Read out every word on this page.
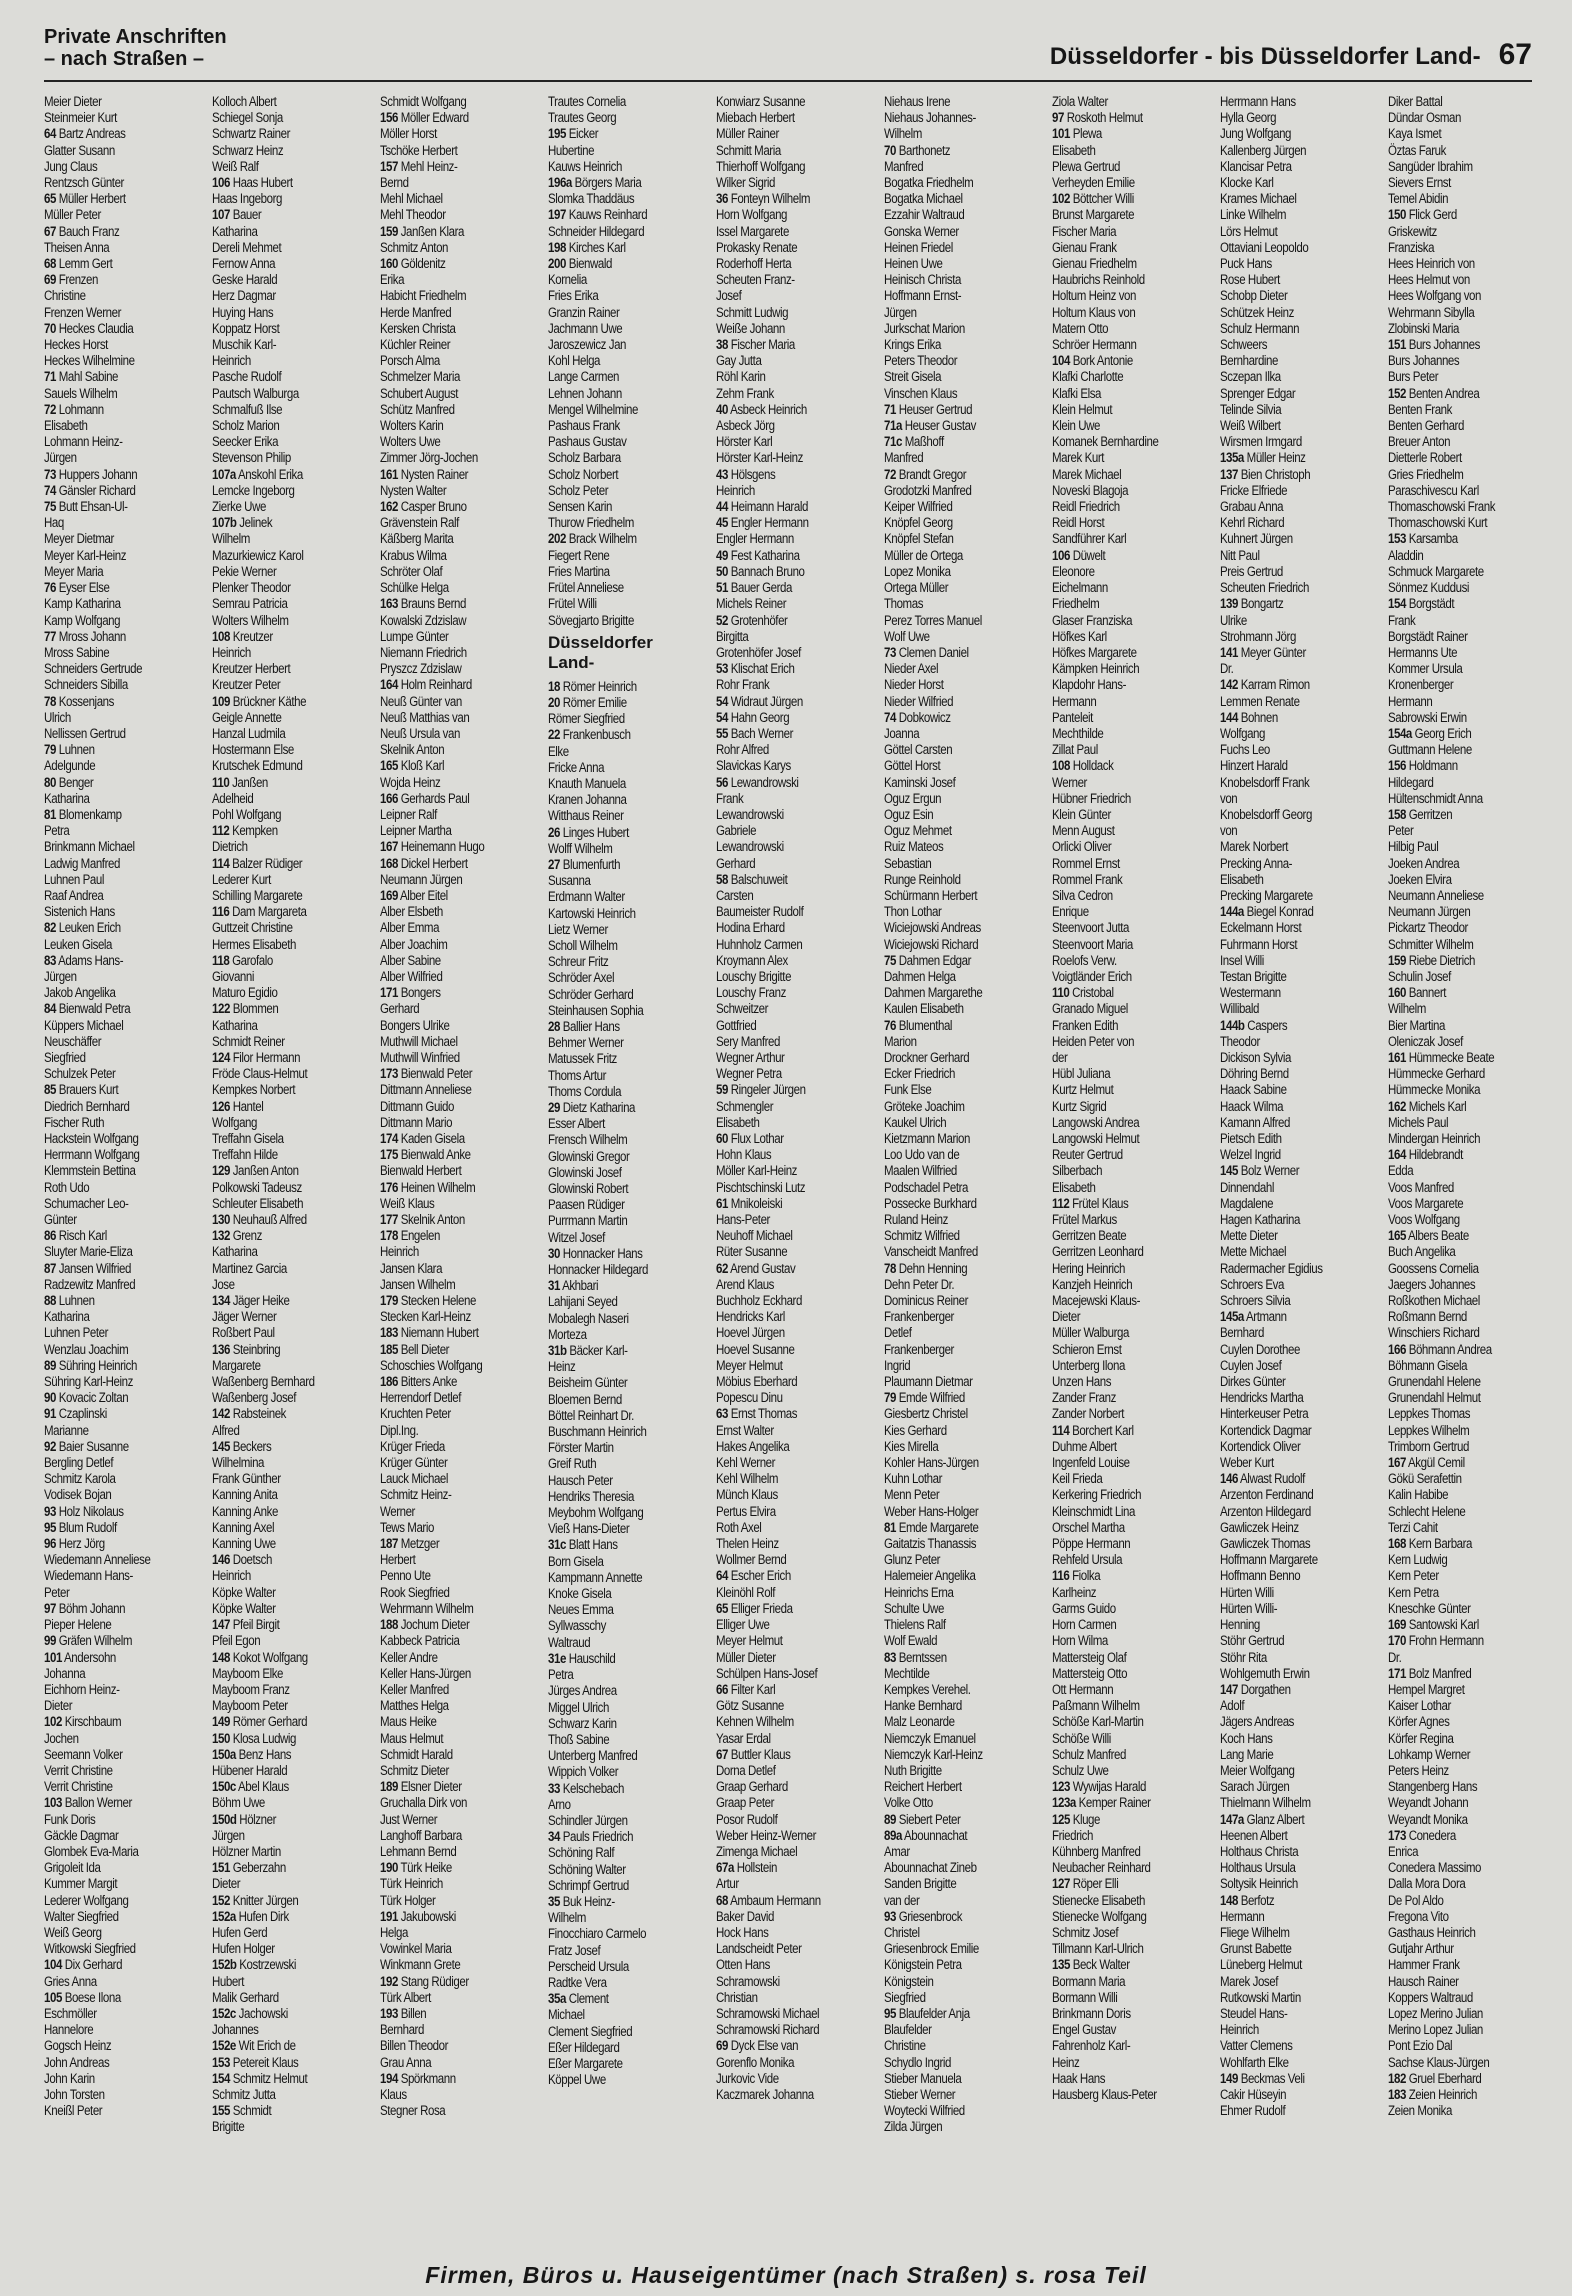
Private Anschriften
– nach Straßen –	Düsseldorfer - bis Düsseldorfer Land- 67
Meier Dieter
Steinmeier Kurt
64 Bartz Andreas
Glatter Susann
Jung Claus
Rentzsch Günter
65 Müller Herbert
Müller Peter
67 Bauch Franz
Theisen Anna
68 Lemm Gert
69 Frenzen
Christine
Frenzen Werner
70 Heckes Claudia
Heckes Horst
Heckes Wilhelmine
71 Mahl Sabine
Sauels Wilhelm
72 Lohmann
Elisabeth
Lohmann Heinz-
Jürgen
73 Huppers Johann
74 Gänsler Richard
75 Butt Ehsan-Ul-
Haq
Meyer Dietmar
Meyer Karl-Heinz
Meyer Maria
76 Eyser Else
Kamp Katharina
Kamp Wolfgang
77 Mross Johann
Mross Sabine
Schneiders Gertrude
Schneiders Sibilla
78 Kossenjans
Ulrich
Nellissen Gertrud
79 Luhnen
Adelgunde
80 Benger
Katharina
81 Blomenkamp
Petra
Brinkmann Michael
Ladwig Manfred
Luhnen Paul
Raaf Andrea
Sistenich Hans
82 Leuken Erich
Leuken Gisela
83 Adams Hans-
Jürgen
Jakob Angelika
84 Bienwald Petra
Küppers Michael
Neuschäffer
Siegfried
Schulzek Peter
85 Brauers Kurt
Diedrich Bernhard
Fischer Ruth
Hackstein Wolfgang
Herrmann Wolfgang
Klemmstein Bettina
Roth Udo
Schumacher Leo-
Günter
86 Risch Karl
Sluyter Marie-Eliza
87 Jansen Wilfried
Radzewitz Manfred
88 Luhnen
Katharina
Luhnen Peter
Wenzlau Joachim
89 Sühring Heinrich
Sühring Karl-Heinz
90 Kovacic Zoltan
91 Czaplinski
Marianne
92 Baier Susanne
Bergling Detlef
Schmitz Karola
Vodisek Bojan
93 Holz Nikolaus
95 Blum Rudolf
96 Herz Jörg
Wiedemann Anneliese
Wiedemann Hans-
Peter
97 Böhm Johann
Pieper Helene
99 Gräfen Wilhelm
101 Andersohn
Johanna
Eichhorn Heinz-
Dieter
102 Kirschbaum
Jochen
Seemann Volker
Verrit Christine
Verrit Christine
103 Ballon Werner
Funk Doris
Gäckle Dagmar
Glombek Eva-Maria
Grigoleit Ida
Kummer Margit
Lederer Wolfgang
Walter Siegfried
Weiß Georg
Witkowski Siegfried
104 Dix Gerhard
Gries Anna
105 Boese Ilona
Eschmöller
Hannelore
Gogsch Heinz
John Andreas
John Karin
John Torsten
Kneißl Peter
Kolloch Albert
Schiegel Sonja
Schwartz Rainer
Schwarz Heinz
Weiß Ralf
106 Haas Hubert
Haas Ingeborg
107 Bauer
Katharina
Dereli Mehmet
Fernow Anna
Geske Harald
Herz Dagmar
Huying Hans
Koppatz Horst
Muschik Karl-
Heinrich
Pasche Rudolf
Pautsch Walburga
Schmalfuß Ilse
Scholz Marion
Seecker Erika
Stevenson Philip
107a Anskohl Erika
Lemcke Ingeborg
Zierke Uwe
107b Jelinek
Wilhelm
Mazurkiewicz Karol
Pekie Werner
Plenker Theodor
Semrau Patricia
Wolters Wilhelm
108 Kreutzer
Heinrich
Kreutzer Herbert
Kreutzer Peter
109 Brückner Käthe
Geigle Annette
Hanzal Ludmila
Hostermann Else
Krutschek Edmund
110 Janßen
Adelheid
Pohl Wolfgang
112 Kempken
Dietrich
114 Balzer Rüdiger
Lederer Kurt
Schilling Margarete
116 Dam Margareta
Guttzeit Christine
Hermes Elisabeth
118 Garofalo
Giovanni
Maturo Egidio
122 Blommen
Katharina
Schmidt Reiner
124 Filor Hermann
Fröde Claus-Helmut
Kempkes Norbert
126 Hantel
Wolfgang
Treffahn Gisela
Treffahn Hilde
129 Janßen Anton
Polkowski Tadeusz
Schleuter Elisabeth
130 Neuhauß Alfred
132 Grenz
Katharina
Martinez Garcia
Jose
134 Jäger Heike
Jäger Werner
Roßbert Paul
136 Steinbring
Margarete
Waßenberg Bernhard
Waßenberg Josef
142 Rabsteinek
Alfred
145 Beckers
Wilhelmina
Frank Günther
Kanning Anita
Kanning Anke
Kanning Axel
Kanning Uwe
146 Doetsch
Heinrich
Köpke Walter
Köpke Walter
147 Pfeil Birgit
Pfeil Egon
148 Kokot Wolfgang
Mayboom Elke
Mayboom Franz
Mayboom Peter
149 Römer Gerhard
150 Klosa Ludwig
150a Benz Hans
Hübener Harald
150c Abel Klaus
Böhm Uwe
150d Hölzner
Jürgen
Hölzner Martin
151 Geberzahn
Dieter
152 Knitter Jürgen
152a Hufen Dirk
Hufen Gerd
Hufen Holger
152b Kostrzewski
Hubert
Malik Gerhard
152c Jachowski
Johannes
152e Wit Erich de
153 Petereit Klaus
154 Schmitz Helmut
Schmitz Jutta
155 Schmidt
Brigitte
Schmidt Wolfgang
156 Möller Edward
Möller Horst
Tschöke Herbert
157 Mehl Heinz-
Bernd
Mehl Michael
Mehl Theodor
159 Janßen Klara
Schmitz Anton
160 Göldenitz
Erika
Habicht Friedhelm
Herde Manfred
Kersken Christa
Küchler Reiner
Porsch Alma
Schmelzer Maria
Schubert August
Schütz Manfred
Wolters Karin
Wolters Uwe
Zimmer Jörg-Jochen
161 Nysten Rainer
Nysten Walter
162 Casper Bruno
Grävenstein Ralf
Käßberg Marita
Krabus Wilma
Schröter Olaf
Schülke Helga
163 Brauns Bernd
Kowalski Zdzislaw
Lumpe Günter
Niemann Friedrich
Pryszcz Zdzislaw
164 Holm Reinhard
Neuß Günter van
Neuß Matthias van
Neuß Ursula van
Skelnik Anton
165 Kloß Karl
Wojda Heinz
166 Gerhards Paul
Leipner Ralf
Leipner Martha
167 Heinemann Hugo
168 Dickel Herbert
Neumann Jürgen
169 Alber Eitel
Alber Elsbeth
Alber Emma
Alber Joachim
Alber Sabine
Alber Wilfried
171 Bongers
Gerhard
Bongers Ulrike
Muthwill Michael
Muthwill Winfried
173 Bienwald Peter
Dittmann Anneliese
Dittmann Guido
Dittmann Mario
174 Kaden Gisela
175 Bienwald Anke
Bienwald Herbert
176 Heinen Wilhelm
Weiß Klaus
177 Skelnik Anton
178 Engelen
Heinrich
Jansen Klara
Jansen Wilhelm
179 Stecken Helene
Stecken Karl-Heinz
183 Niemann Hubert
185 Bell Dieter
Schoschies Wolfgang
186 Bitters Anke
Herrendorf Detlef
Kruchten Peter
Dipl.Ing.
Krüger Frieda
Krüger Günter
Lauck Michael
Schmitz Heinz-
Werner
Tews Mario
187 Metzger
Herbert
Penno Ute
Rook Siegfried
Wehrmann Wilhelm
188 Jochum Dieter
Kabbeck Patricia
Keller Andre
Keller Hans-Jürgen
Keller Manfred
Matthes Helga
Maus Heike
Maus Helmut
Schmidt Harald
Schmitz Dieter
189 Elsner Dieter
Gruchalla Dirk von
Just Werner
Langhoff Barbara
Lehmann Bernd
190 Türk Heike
Türk Heinrich
Türk Holger
191 Jakubowski
Helga
Vowinkel Maria
Winkmann Grete
192 Stang Rüdiger
Türk Albert
193 Billen
Bernhard
Billen Theodor
Grau Anna
194 Spörkmann
Klaus
Stegner Rosa
Trautes Cornelia
Trautes Georg
195 Eicker
Hubertine
Kauws Heinrich
196a Börgers Maria
Slomka Thaddäus
197 Kauws Reinhard
Schneider Hildegard
198 Kirches Karl
200 Bienwald
Kornelia
Fries Erika
Granzin Rainer
Jachmann Uwe
Jaroszewicz Jan
Kohl Helga
Lange Carmen
Lehnen Johann
Mengel Wilhelmine
Pashaus Frank
Pashaus Gustav
Scholz Barbara
Scholz Norbert
Scholz Peter
Sensen Karin
Thurow Friedhelm
202 Brack Wilhelm
Fiegert Rene
Fries Martina
Frütel Anneliese
Frütel Willi
Sövegjarto Brigitte
Düsseldorfer
Land-
18 Römer Heinrich
20 Römer Emilie
Römer Siegfried
22 Frankenbusch
Elke
Fricke Anna
Knauth Manuela
Kranen Johanna
Witthaus Reiner
26 Linges Hubert
Wolff Wilhelm
27 Blumenfurth
Susanna
Erdmann Walter
Kartowski Heinrich
Lietz Werner
Scholl Wilhelm
Schreur Fritz
Schröder Axel
Schröder Gerhard
Steinhausen Sophia
28 Ballier Hans
Behmer Werner
Matussek Fritz
Thoms Artur
Thoms Cordula
29 Dietz Katharina
Esser Albert
Frensch Wilhelm
Glowinski Gregor
Glowinski Josef
Glowinski Robert
Paasen Rüdiger
Purrmann Martin
Witzel Josef
30 Honnacker Hans
Honnacker Hildegard
31 Akhbari
Lahijani Seyed
Mobalegh Naseri
Morteza
31b Bäcker Karl-
Heinz
Beisheim Günter
Bloemen Bernd
Böttel Reinhart Dr.
Buschmann Heinrich
Förster Martin
Greif Ruth
Hausch Peter
Hendriks Theresia
Meybohm Wolfgang
Vieß Hans-Dieter
31c Blatt Hans
Born Gisela
Kampmann Annette
Knoke Gisela
Neues Emma
Syllwasschy
Waltraud
31e Hauschild
Petra
Jürges Andrea
Miggel Ulrich
Schwarz Karin
Thoß Sabine
Unterberg Manfred
Wippich Volker
33 Kelschebach
Arno
Schindler Jürgen
34 Pauls Friedrich
Schöning Ralf
Schöning Walter
Schrimpf Gertrud
35 Buk Heinz-
Wilhelm
Finocchiaro Carmelo
Fratz Josef
Perscheid Ursula
Radtke Vera
35a Clement
Michael
Clement Siegfried
Eßer Hildegard
Eßer Margarete
Köppel Uwe
Konwiarz Susanne
Miebach Herbert
Müller Rainer
Schmitt Maria
Thierhoff Wolfgang
Wilker Sigrid
36 Fonteyn Wilhelm
Horn Wolfgang
Issel Margarete
Prokasky Renate
Roderhoff Herta
Scheuten Franz-
Josef
Schmitt Ludwig
Weiße Johann
38 Fischer Maria
Gay Jutta
Röhl Karin
Zehm Frank
40 Asbeck Heinrich
Asbeck Jörg
Hörster Karl
Hörster Karl-Heinz
43 Hölsgens
Heinrich
44 Heimann Harald
45 Engler Hermann
Engler Hermann
49 Fest Katharina
50 Bannach Bruno
51 Bauer Gerda
Michels Reiner
52 Grotenhöfer
Birgitta
Grotenhöfer Josef
53 Klischat Erich
Rohr Frank
54 Widraut Jürgen
54 Hahn Georg
55 Bach Werner
Rohr Alfred
Slavickas Karys
56 Lewandrowski
Frank
Lewandrowski
Gabriele
Lewandrowski
Gerhard
58 Balschuweit
Carsten
Baumeister Rudolf
Hodina Erhard
Huhnholz Carmen
Kroymann Alex
Louschy Brigitte
Louschy Franz
Schweitzer
Gottfried
Sery Manfred
Wegner Arthur
Wegner Petra
59 Ringeler Jürgen
Schmengler
Elisabeth
60 Flux Lothar
Hohn Klaus
Möller Karl-Heinz
Pischtschinski Lutz
61 Mnikoleiski
Hans-Peter
Neuhoff Michael
Rüter Susanne
62 Arend Gustav
Arend Klaus
Buchholz Eckhard
Hendricks Karl
Hoevel Jürgen
Hoevel Susanne
Meyer Helmut
Möbius Eberhard
Popescu Dinu
63 Ernst Thomas
Ernst Walter
Hakes Angelika
Kehl Werner
Kehl Wilhelm
Münch Klaus
Pertus Elvira
Roth Axel
Thelen Heinz
Wollmer Bernd
64 Escher Erich
Kleinöhl Rolf
65 Elliger Frieda
Elliger Uwe
Meyer Helmut
Müller Dieter
Schülpen Hans-Josef
66 Filter Karl
Götz Susanne
Kehnen Wilhelm
Yasar Erdal
67 Buttler Klaus
Dorna Detlef
Graap Gerhard
Graap Peter
Posor Rudolf
Weber Heinz-Werner
Zimenga Michael
67a Hollstein
Artur
68 Ambaum Hermann
Baker David
Hock Hans
Landscheidt Peter
Otten Hans
Schramowski
Christian
Schramowski Michael
Schramowski Richard
69 Dyck Else van
Gorenflo Monika
Jurkovic Vide
Kaczmarek Johanna
Niehaus Irene
Niehaus Johannes-
Wilhelm
70 Barthonetz
Manfred
Bogatka Friedhelm
Bogatka Michael
Ezzahir Waltraud
Gonska Werner
Heinen Friedel
Heinen Uwe
Heinisch Christa
Hoffmann Ernst-
Jürgen
Jurkschat Marion
Krings Erika
Peters Theodor
Streit Gisela
Vinschen Klaus
71 Heuser Gertrud
71a Heuser Gustav
71c Maßhoff
Manfred
72 Brandt Gregor
Grodotzki Manfred
Keiper Wilfried
Knöpfel Georg
Knöpfel Stefan
Müller de Ortega
Lopez Monika
Ortega Müller
Thomas
Perez Torres Manuel
Wolf Uwe
73 Clemen Daniel
Nieder Axel
Nieder Horst
Nieder Wilfried
74 Dobkowicz
Joanna
Göttel Carsten
Göttel Horst
Kaminski Josef
Oguz Ergun
Oguz Esin
Oguz Mehmet
Ruiz Mateos
Sebastian
Runge Reinhold
Schürmann Herbert
Thon Lothar
Wiciejowski Andreas
Wiciejowski Richard
75 Dahmen Edgar
Dahmen Helga
Dahmen Margarethe
Kaulen Elisabeth
76 Blumenthal
Marion
Drockner Gerhard
Ecker Friedrich
Funk Else
Gröteke Joachim
Kaukel Ulrich
Kietzmann Marion
Loo Udo van de
Maalen Wilfried
Podschadel Petra
Possecke Burkhard
Ruland Heinz
Schmitz Wilfried
Vanscheidt Manfred
78 Dehn Henning
Dehn Peter Dr.
Dominicus Reiner
Frankenberger
Detlef
Frankenberger
Ingrid
Plaumann Dietmar
79 Emde Wilfried
Giesbertz Christel
Kies Gerhard
Kies Mirella
Kohler Hans-Jürgen
Kuhn Lothar
Menn Peter
Weber Hans-Holger
81 Emde Margarete
Gaitatzis Thanassis
Glunz Peter
Halemeier Angelika
Heinrichs Erna
Schulte Uwe
Thielens Ralf
Wolf Ewald
83 Berntssen
Mechtilde
Kempkes Verehel.
Hanke Bernhard
Malz Leonarde
Niemczyk Emanuel
Niemczyk Karl-Heinz
Nuth Brigitte
Reichert Herbert
Volke Otto
89 Siebert Peter
89a Abounnachat
Amar
Abounnachat Zineb
Sanden Brigitte
van der
93 Griesenbrock
Christel
Griesenbrock Emilie
Königstein Petra
Königstein
Siegfried
95 Blaufelder Anja
Blaufelder
Christine
Schydlo Ingrid
Stieber Manuela
Stieber Werner
Woytecki Wilfried
Zilda Jürgen
Ziola Walter
97 Roskoth Helmut
101 Plewa
Elisabeth
Plewa Gertrud
Verheyden Emilie
102 Böttcher Willi
Brunst Margarete
Fischer Maria
Gienau Frank
Gienau Friedhelm
Haubrichs Reinhold
Holtum Heinz von
Holtum Klaus von
Matern Otto
Schröer Hermann
104 Bork Antonie
Klafki Charlotte
Klafki Elsa
Klein Helmut
Klein Uwe
Komanek Bernhardine
Marek Kurt
Marek Michael
Noveski Blagoja
Reidl Friedrich
Reidl Horst
Sandführer Karl
106 Düwelt
Eleonore
Eichelmann
Friedhelm
Glaser Franziska
Höfkes Karl
Höfkes Margarete
Kämpken Heinrich
Klapdohr Hans-
Hermann
Panteleit
Mechthilde
Zillat Paul
108 Holldack
Werner
Hübner Friedrich
Klein Günter
Menn August
Orlicki Oliver
Rommel Ernst
Rommel Frank
Silva Cedron
Enrique
Steenvoort Jutta
Steenvoort Maria
Roelofs Verw.
Voigtländer Erich
110 Cristobal
Granado Miguel
Franken Edith
Heiden Peter von
der
Hübl Juliana
Kurtz Helmut
Kurtz Sigrid
Langowski Andrea
Langowski Helmut
Reuter Gertrud
Silberbach
Elisabeth
112 Frütel Klaus
Frütel Markus
Gerritzen Beate
Gerritzen Leonhard
Hering Heinrich
Kanzjeh Heinrich
Macejewski Klaus-
Dieter
Müller Walburga
Schieron Ernst
Unterberg Ilona
Unzen Hans
Zander Franz
Zander Norbert
114 Borchert Karl
Duhme Albert
Ingenfeld Louise
Keil Frieda
Kerkering Friedrich
Kleinschmidt Lina
Orschel Martha
Pöppe Hermann
Rehfeld Ursula
116 Fiolka
Karlheinz
Garms Guido
Horn Carmen
Horn Wilma
Mattersteig Olaf
Mattersteig Otto
Ott Hermann
Paßmann Wilhelm
Schöße Karl-Martin
Schöße Willi
Schulz Manfred
Schulz Uwe
123 Wywijas Harald
123a Kemper Rainer
125 Kluge
Friedrich
Kühnberg Manfred
Neubacher Reinhard
127 Röper Elli
Stienecke Elisabeth
Stienecke Wolfgang
Schmitz Josef
Tillmann Karl-Ulrich
135 Beck Walter
Bormann Maria
Bormann Willi
Brinkmann Doris
Engel Gustav
Fahrenholz Karl-
Heinz
Haak Hans
Hausberg Klaus-Peter
Herrmann Hans
Hylla Georg
Jung Wolfgang
Kallenberg Jürgen
Klancisar Petra
Klocke Karl
Krames Michael
Linke Wilhelm
Lörs Helmut
Ottaviani Leopoldo
Puck Hans
Rose Hubert
Schobp Dieter
Schützek Heinz
Schulz Hermann
Schweers
Bernhardine
Sczepan Ilka
Sprenger Edgar
Telinde Silvia
Weiß Wilbert
Wirsmen Irmgard
135a Müller Heinz
137 Bien Christoph
Fricke Elfriede
Grabau Anna
Kehrl Richard
Kuhnert Jürgen
Nitt Paul
Preis Gertrud
Scheuten Friedrich
139 Bongartz
Ulrike
Strohmann Jörg
141 Meyer Günter
Dr.
142 Karram Rimon
Lemmen Renate
144 Bohnen
Wolfgang
Fuchs Leo
Hinzert Harald
Knobelsdorff Frank
von
Knobelsdorff Georg
von
Marek Norbert
Precking Anna-
Elisabeth
Precking Margarete
144a Biegel Konrad
Eckelmann Horst
Fuhrmann Horst
Insel Willi
Testan Brigitte
Westermann
Willibald
144b Caspers
Theodor
Dickison Sylvia
Döhring Bernd
Haack Sabine
Haack Wilma
Kamann Alfred
Pietsch Edith
Welzel Ingrid
145 Bolz Werner
Dinnendahl
Magdalene
Hagen Katharina
Mette Dieter
Mette Michael
Radermacher Egidius
Schroers Eva
Schroers Silvia
145a Artmann
Bernhard
Cuylen Dorothee
Cuylen Josef
Dirkes Günter
Hendricks Martha
Hinterkeuser Petra
Kortendick Dagmar
Kortendick Oliver
Weber Kurt
146 Alwast Rudolf
Arzenton Ferdinand
Arzenton Hildegard
Gawliczek Heinz
Gawliczek Thomas
Hoffmann Margarete
Hoffmann Benno
Hürten Willi
Hürten Willi-
Henning
Stöhr Gertrud
Stöhr Rita
Wohlgemuth Erwin
147 Dorgathen
Adolf
Jägers Andreas
Koch Hans
Lang Marie
Meier Wolfgang
Sarach Jürgen
Thielmann Wilhelm
147a Glanz Albert
Heenen Albert
Holthaus Christa
Holthaus Ursula
Soltysik Heinrich
148 Berfotz
Hermann
Fliege Wilhelm
Grunst Babette
Lüneberg Helmut
Marek Josef
Rutkowski Martin
Steudel Hans-
Heinrich
Vatter Clemens
Wohlfarth Elke
149 Beckmas Veli
Cakir Hüseyin
Ehmer Rudolf
Diker Battal
Dündar Osman
Kaya Ismet
Öztas Faruk
Sangüder Ibrahim
Sievers Ernst
Temel Abidin
150 Flick Gerd
Griskewitz
Franziska
Hees Heinrich von
Hees Helmut von
Hees Wolfgang von
Wehrmann Sibylla
Zlobinski Maria
151 Burs Johannes
Burs Johannes
Burs Peter
152 Benten Andrea
Benten Frank
Benten Gerhard
Breuer Anton
Dietterle Robert
Gries Friedhelm
Paraschivescu Karl
Thomaschowski Frank
Thomaschowski Kurt
153 Karsamba
Aladdin
Schmuck Margarete
Sönmez Kuddusi
154 Borgstädt
Frank
Borgstädt Rainer
Hermanns Ute
Kommer Ursula
Kronenberger
Hermann
Sabrowski Erwin
154a Georg Erich
Guttmann Helene
156 Holdmann
Hildegard
Hültenschmidt Anna
158 Gerritzen
Peter
Hilbig Paul
Joeken Andrea
Joeken Elvira
Neumann Anneliese
Neumann Jürgen
Pickartz Theodor
Schmitter Wilhelm
159 Riebe Dietrich
Schulin Josef
160 Bannert
Wilhelm
Bier Martina
Oleniczak Josef
161 Hümmecke Beate
Hümmecke Gerhard
Hümmecke Monika
162 Michels Karl
Michels Paul
Mindergan Heinrich
164 Hildebrandt
Edda
Voos Manfred
Voos Margarete
Voos Wolfgang
165 Albers Beate
Buch Angelika
Goossens Cornelia
Jaegers Johannes
Roßkothen Michael
Roßmann Bernd
Winschiers Richard
166 Böhmann Andrea
Böhmann Gisela
Grunendahl Helene
Grunendahl Helmut
Leppkes Thomas
Leppkes Wilhelm
Trimborn Gertrud
167 Akgül Cemil
Gökü Serafettin
Kalin Habibe
Schlecht Helene
Terzi Cahit
168 Kern Barbara
Kern Ludwig
Kern Peter
Kern Petra
Kneschke Günter
169 Santowski Karl
170 Frohn Hermann
Dr.
171 Bolz Manfred
Hempel Margret
Kaiser Lothar
Körfer Agnes
Körfer Regina
Lohkamp Werner
Peters Heinz
Stangenberg Hans
Weyandt Johann
Weyandt Monika
173 Conedera
Enrica
Conedera Massimo
Dalla Mora Dora
De Pol Aldo
Fregona Vito
Gasthaus Heinrich
Gutjahr Arthur
Hammer Frank
Hausch Rainer
Koppers Waltraud
Lopez Merino Julian
Merino Lopez Julian
Pont Ezio Dal
Sachse Klaus-Jürgen
182 Gruel Eberhard
183 Zeien Heinrich
Zeien Monika
Firmen, Büros u. Hauseigentümer (nach Straßen) s. rosa Teil
